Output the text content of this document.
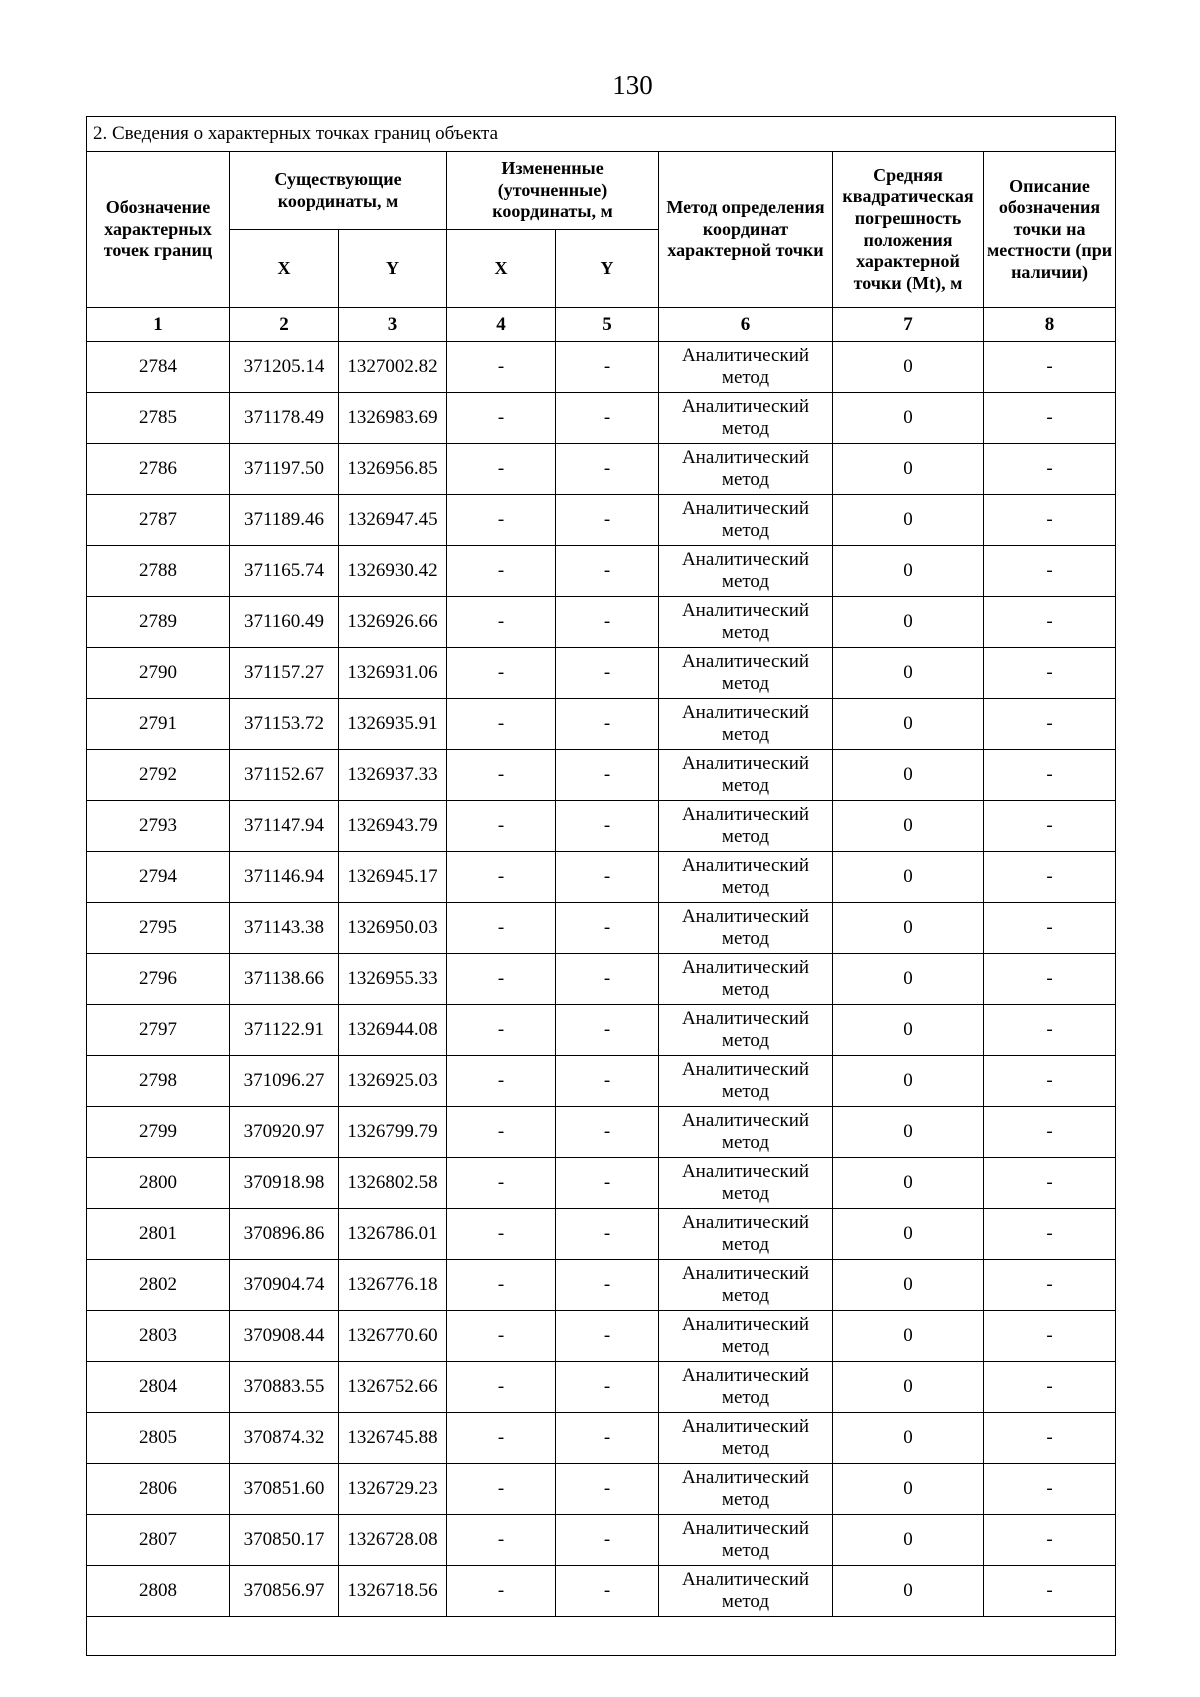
130
2. Сведения о характерных точках границ объекта							
Обозначение характерных точек границ	Существующие координаты, м		Измененные (уточненные) координаты, м		Метод определения координат характерной точки	Средняя квадратическая погрешность положения характерной точки (Mt), м	Описание обозначения точки на местности (при наличии)
	X	Y	X	Y			
1	2	3	4	5	6	7	8
2784	371205.14	1327002.82	-	-	Аналитический метод	0	-
2785	371178.49	1326983.69	-	-	Аналитический метод	0	-
2786	371197.50	1326956.85	-	-	Аналитический метод	0	-
2787	371189.46	1326947.45	-	-	Аналитический метод	0	-
2788	371165.74	1326930.42	-	-	Аналитический метод	0	-
2789	371160.49	1326926.66	-	-	Аналитический метод	0	-
2790	371157.27	1326931.06	-	-	Аналитический метод	0	-
2791	371153.72	1326935.91	-	-	Аналитический метод	0	-
2792	371152.67	1326937.33	-	-	Аналитический метод	0	-
2793	371147.94	1326943.79	-	-	Аналитический метод	0	-
2794	371146.94	1326945.17	-	-	Аналитический метод	0	-
2795	371143.38	1326950.03	-	-	Аналитический метод	0	-
2796	371138.66	1326955.33	-	-	Аналитический метод	0	-
2797	371122.91	1326944.08	-	-	Аналитический метод	0	-
2798	371096.27	1326925.03	-	-	Аналитический метод	0	-
2799	370920.97	1326799.79	-	-	Аналитический метод	0	-
2800	370918.98	1326802.58	-	-	Аналитический метод	0	-
2801	370896.86	1326786.01	-	-	Аналитический метод	0	-
2802	370904.74	1326776.18	-	-	Аналитический метод	0	-
2803	370908.44	1326770.60	-	-	Аналитический метод	0	-
2804	370883.55	1326752.66	-	-	Аналитический метод	0	-
2805	370874.32	1326745.88	-	-	Аналитический метод	0	-
2806	370851.60	1326729.23	-	-	Аналитический метод	0	-
2807	370850.17	1326728.08	-	-	Аналитический метод	0	-
2808	370856.97	1326718.56	-	-	Аналитический метод	0	-
